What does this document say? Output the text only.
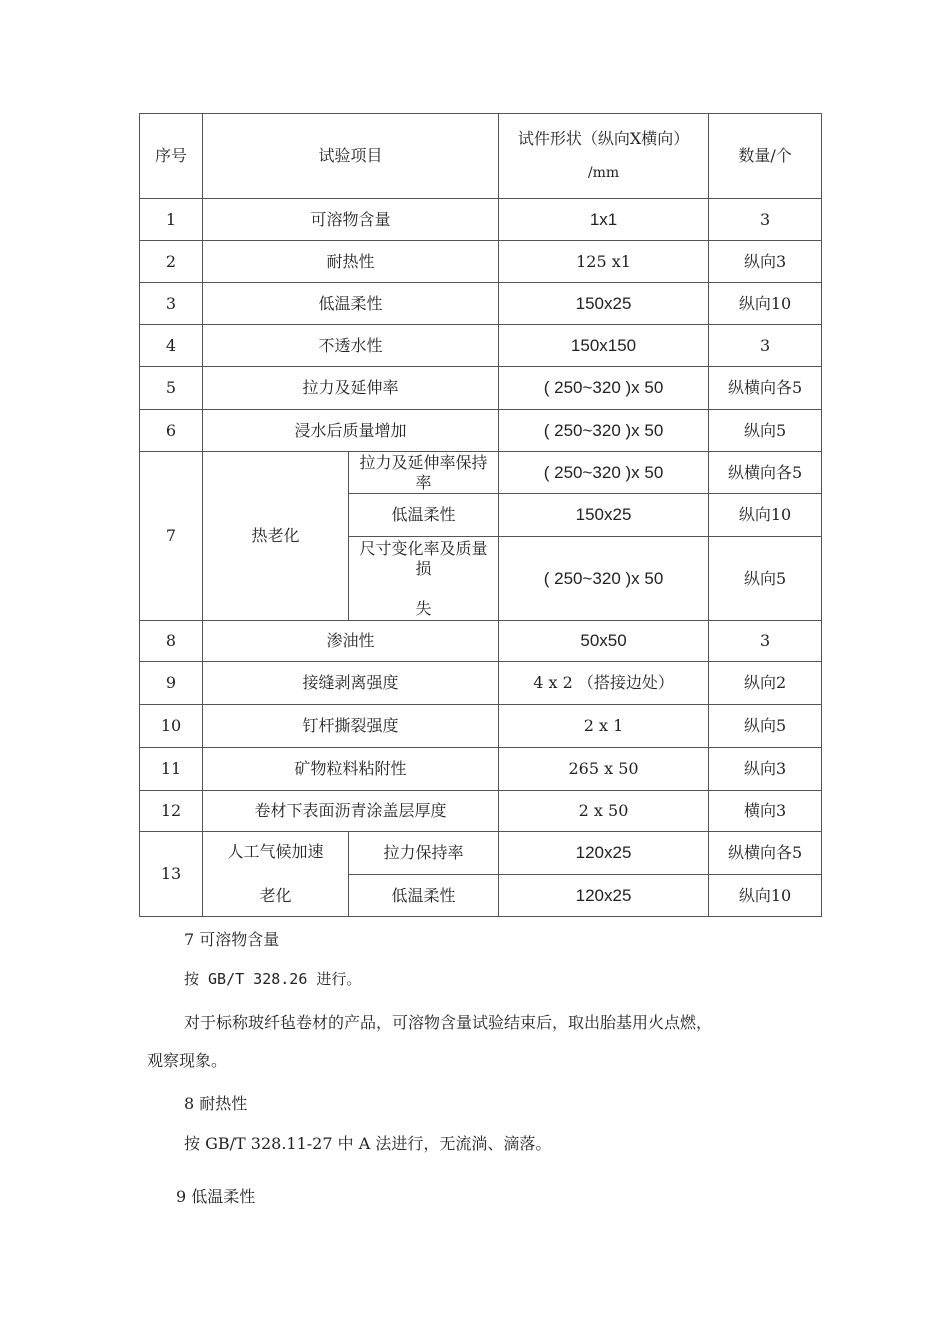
序号	试验项目		试件形状（纵向X横向）
/mm	数量/个
1	可溶物含量		1x1	3
2	耐热性		125 x1	纵向3
3	低温柔性		150x25	纵向10
4	不透水性		150x150	3
5	拉力及延伸率		( 250~320 )x 50	纵横向各5
6	浸水后质量增加		( 250~320 )x 50	纵向5
7	热老化	拉力及延伸率保持率	( 250~320 )x 50	纵横向各5
		低温柔性	150x25	纵向10

		尺寸变化率及质量损
失	( 250~320 )x 50	纵向5
8	渗油性		50x50	3
9	接缝剥离强度		4 x 2 （搭接边处）	纵向2
10	钉杆撕裂强度		2 x 1	纵向5
11	矿物粒料粘附性		265 x 50	纵向3
12	卷材下表面沥青涂盖层厚度		2 x 50	横向3
13	人工气候加速
老化	拉力保持率	120x25	纵横向各5
		低温柔性	120x25	纵向10
7 可溶物含量
按 GB/T 328.26 进行。
对于标称玻纤毡卷材的产品，可溶物含量试验结束后，取出胎基用火点燃，
观察现象。
8 耐热性
按 GB/T 328.11-27 中 A 法进行，无流淌、滴落。
9 低温柔性
